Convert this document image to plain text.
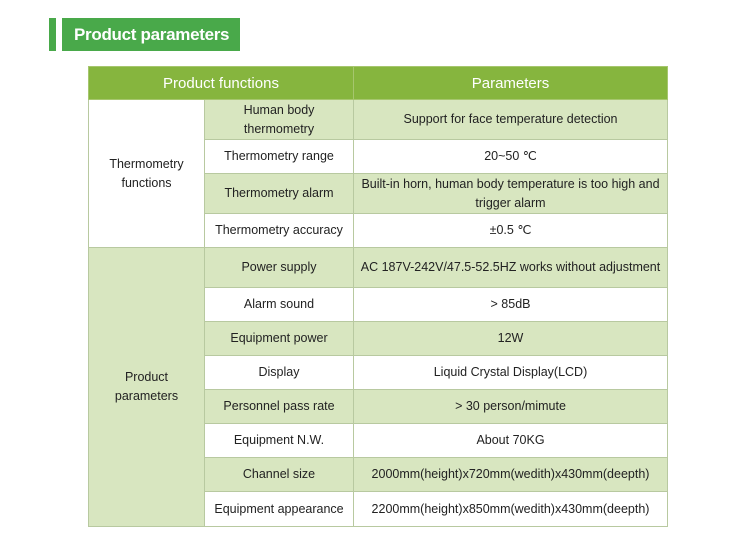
Product parameters
Product functions		Parameters
Thermometry functions	Human body thermometry	Support for face temperature detection
	Thermometry range	20~50 ℃
	Thermometry alarm	Built-in horn, human body temperature is too high and trigger alarm
	Thermometry accuracy	±0.5 ℃
Product parameters	Power supply	AC 187V-242V/47.5-52.5HZ works without adjustment
	Alarm sound	> 85dB
	Equipment power	12W
	Display	Liquid Crystal Display(LCD)
	Personnel pass rate	> 30 person/mimute
	Equipment N.W.	About 70KG
	Channel size	2000mm(height)x720mm(wedith)x430mm(deepth)
	Equipment appearance	2200mm(height)x850mm(wedith)x430mm(deepth)
